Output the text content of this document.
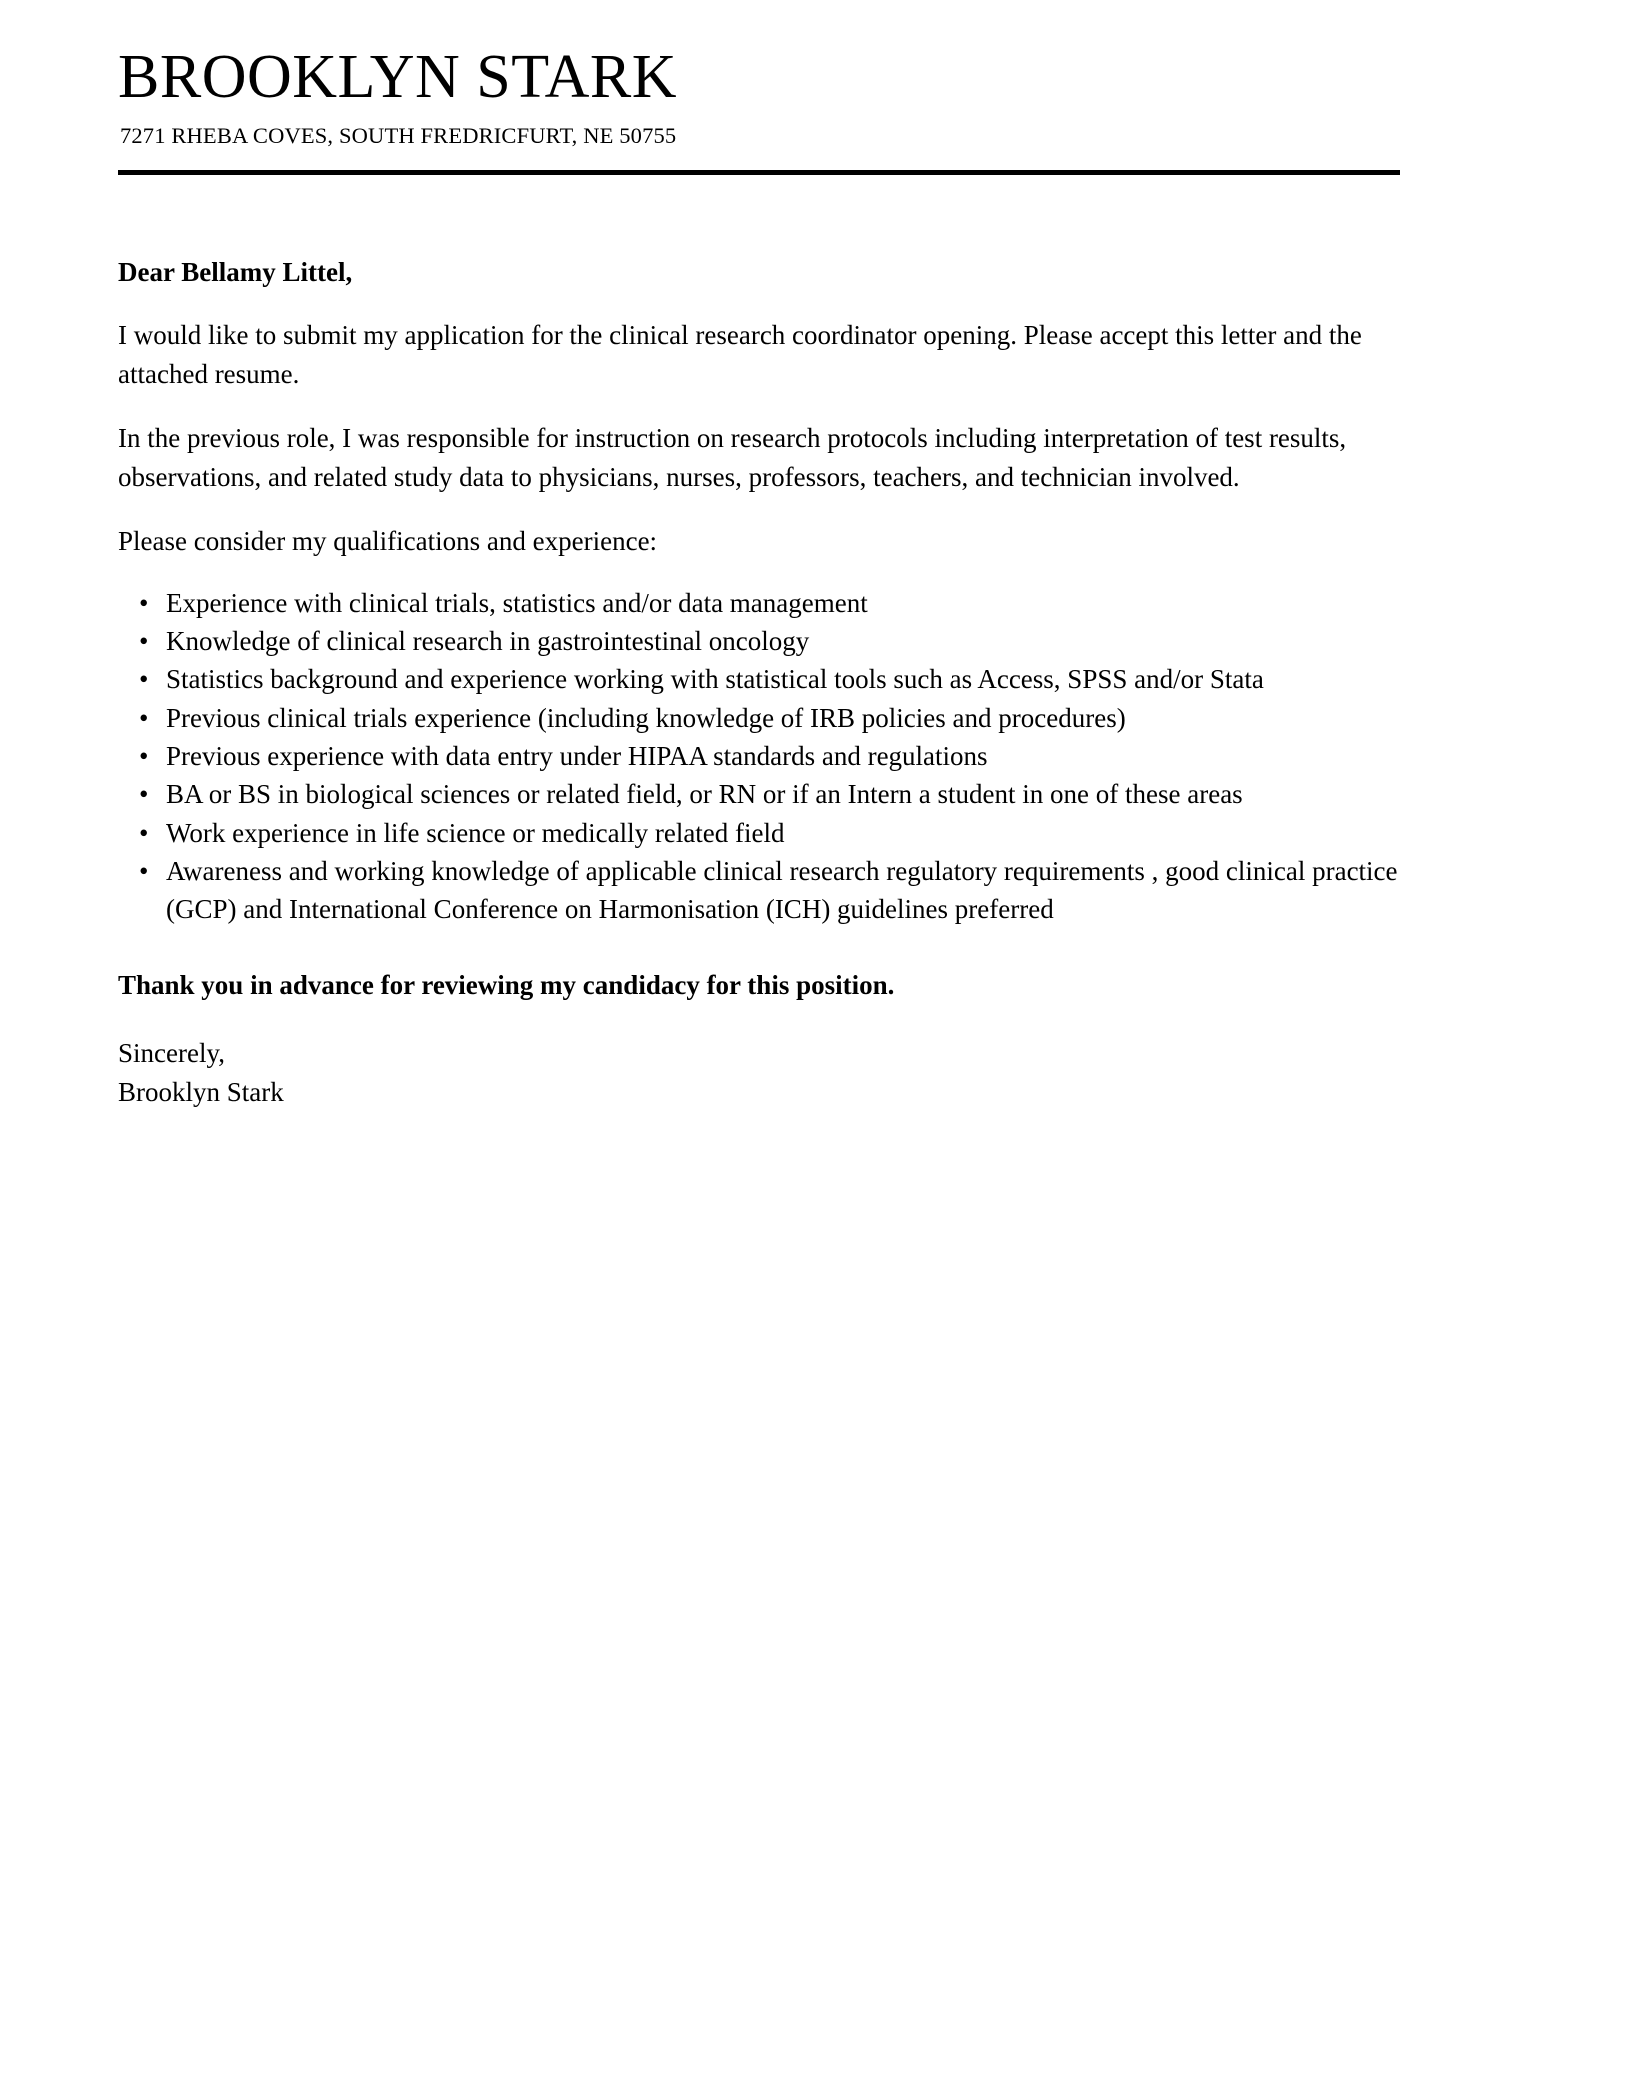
BROOKLYN STARK
7271 RHEBA COVES, SOUTH FREDRICFURT, NE 50755

Dear Bellamy Littel,

I would like to submit my application for the clinical research coordinator opening. Please accept this letter and the attached resume.

In the previous role, I was responsible for instruction on research protocols including interpretation of test results, observations, and related study data to physicians, nurses, professors, teachers, and technician involved.

Please consider my qualifications and experience:

• Experience with clinical trials, statistics and/or data management
• Knowledge of clinical research in gastrointestinal oncology
• Statistics background and experience working with statistical tools such as Access, SPSS and/or Stata
• Previous clinical trials experience (including knowledge of IRB policies and procedures)
• Previous experience with data entry under HIPAA standards and regulations
• BA or BS in biological sciences or related field, or RN or if an Intern a student in one of these areas
• Work experience in life science or medically related field
• Awareness and working knowledge of applicable clinical research regulatory requirements , good clinical practice (GCP) and International Conference on Harmonisation (ICH) guidelines preferred

Thank you in advance for reviewing my candidacy for this position.

Sincerely,
Brooklyn Stark
